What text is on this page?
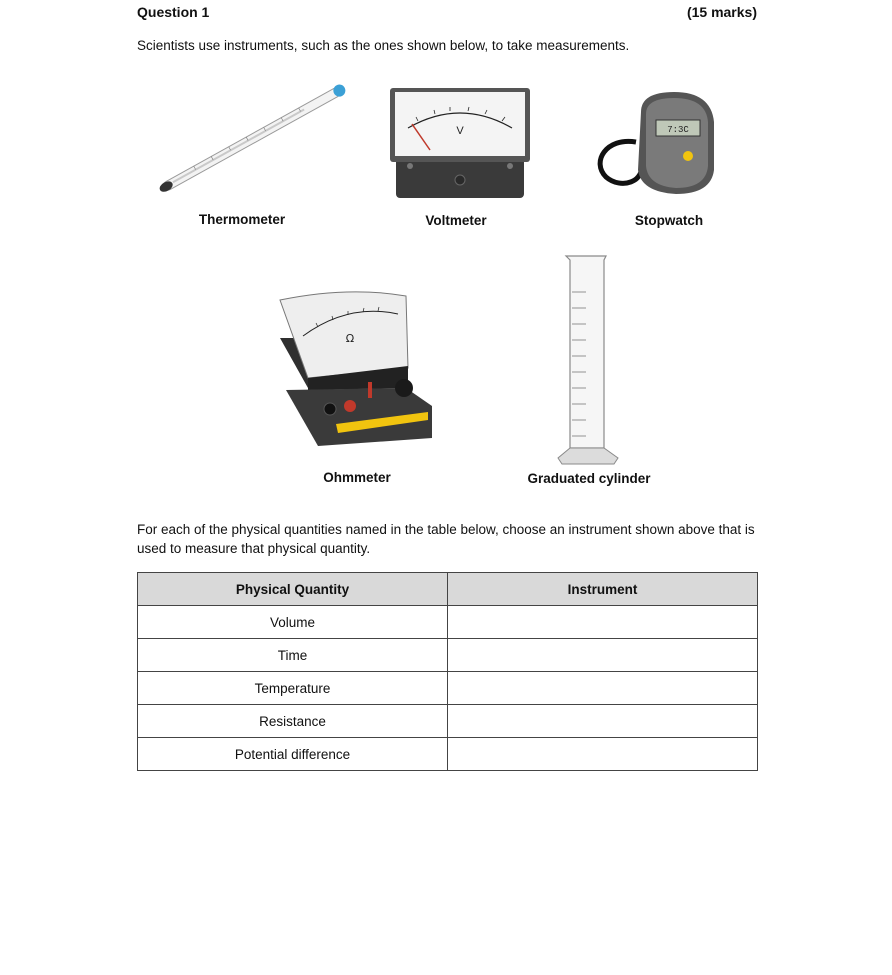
Question 1	(15 marks)
Scientists use instruments, such as the ones shown below, to take measurements.
V	7:3C
Thermometer	Voltmeter	Stopwatch
Ω
Ohmmeter	Graduated cylinder
For each of the physical quantities named in the table below, choose an instrument shown above that is used to measure that physical quantity.
Physical Quantity	Instrument
Volume	
Time	
Temperature	
Resistance	
Potential difference	
